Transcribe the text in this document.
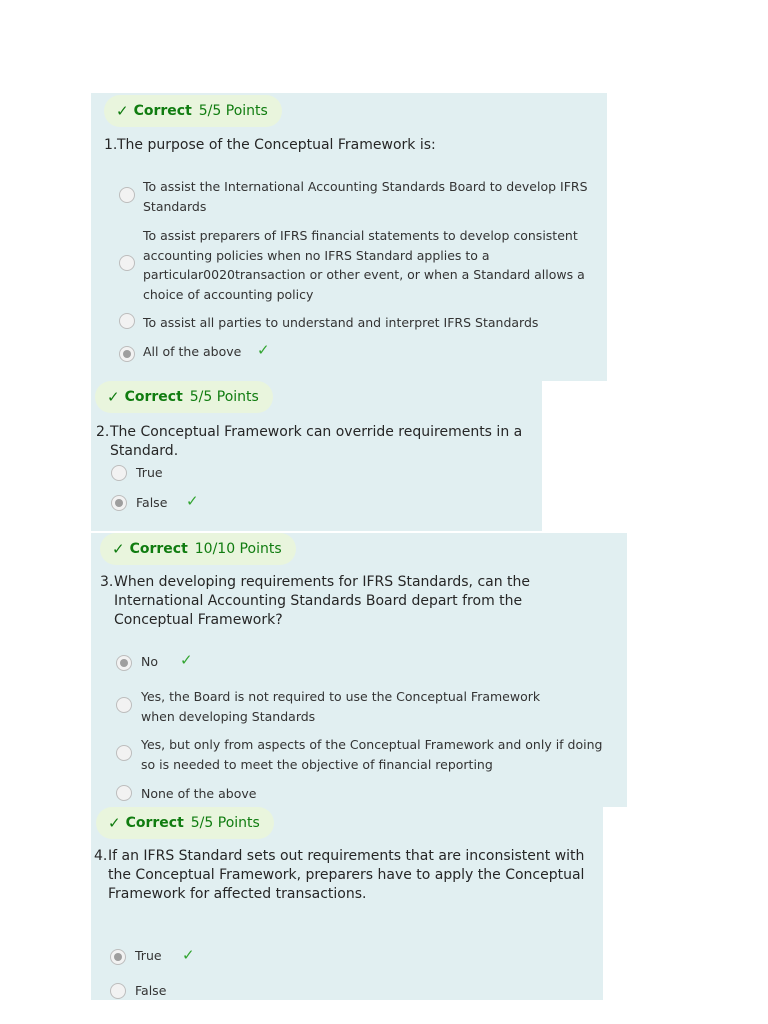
✓ Correct 5/5 Points
1. The purpose of the Conceptual Framework is:
To assist the International Accounting Standards Board to develop IFRS Standards
To assist preparers of IFRS financial statements to develop consistent accounting policies when no IFRS Standard applies to a particular0020transaction or other event, or when a Standard allows a choice of accounting policy
To assist all parties to understand and interpret IFRS Standards
All of the above ✓
✓ Correct 5/5 Points
2. The Conceptual Framework can override requirements in a Standard.
True
False ✓
✓ Correct 10/10 Points
3. When developing requirements for IFRS Standards, can the International Accounting Standards Board depart from the Conceptual Framework?
No ✓
Yes, the Board is not required to use the Conceptual Framework when developing Standards
Yes, but only from aspects of the Conceptual Framework and only if doing so is needed to meet the objective of financial reporting
None of the above
✓ Correct 5/5 Points
4. If an IFRS Standard sets out requirements that are inconsistent with the Conceptual Framework, preparers have to apply the Conceptual Framework for affected transactions.
True ✓
False
